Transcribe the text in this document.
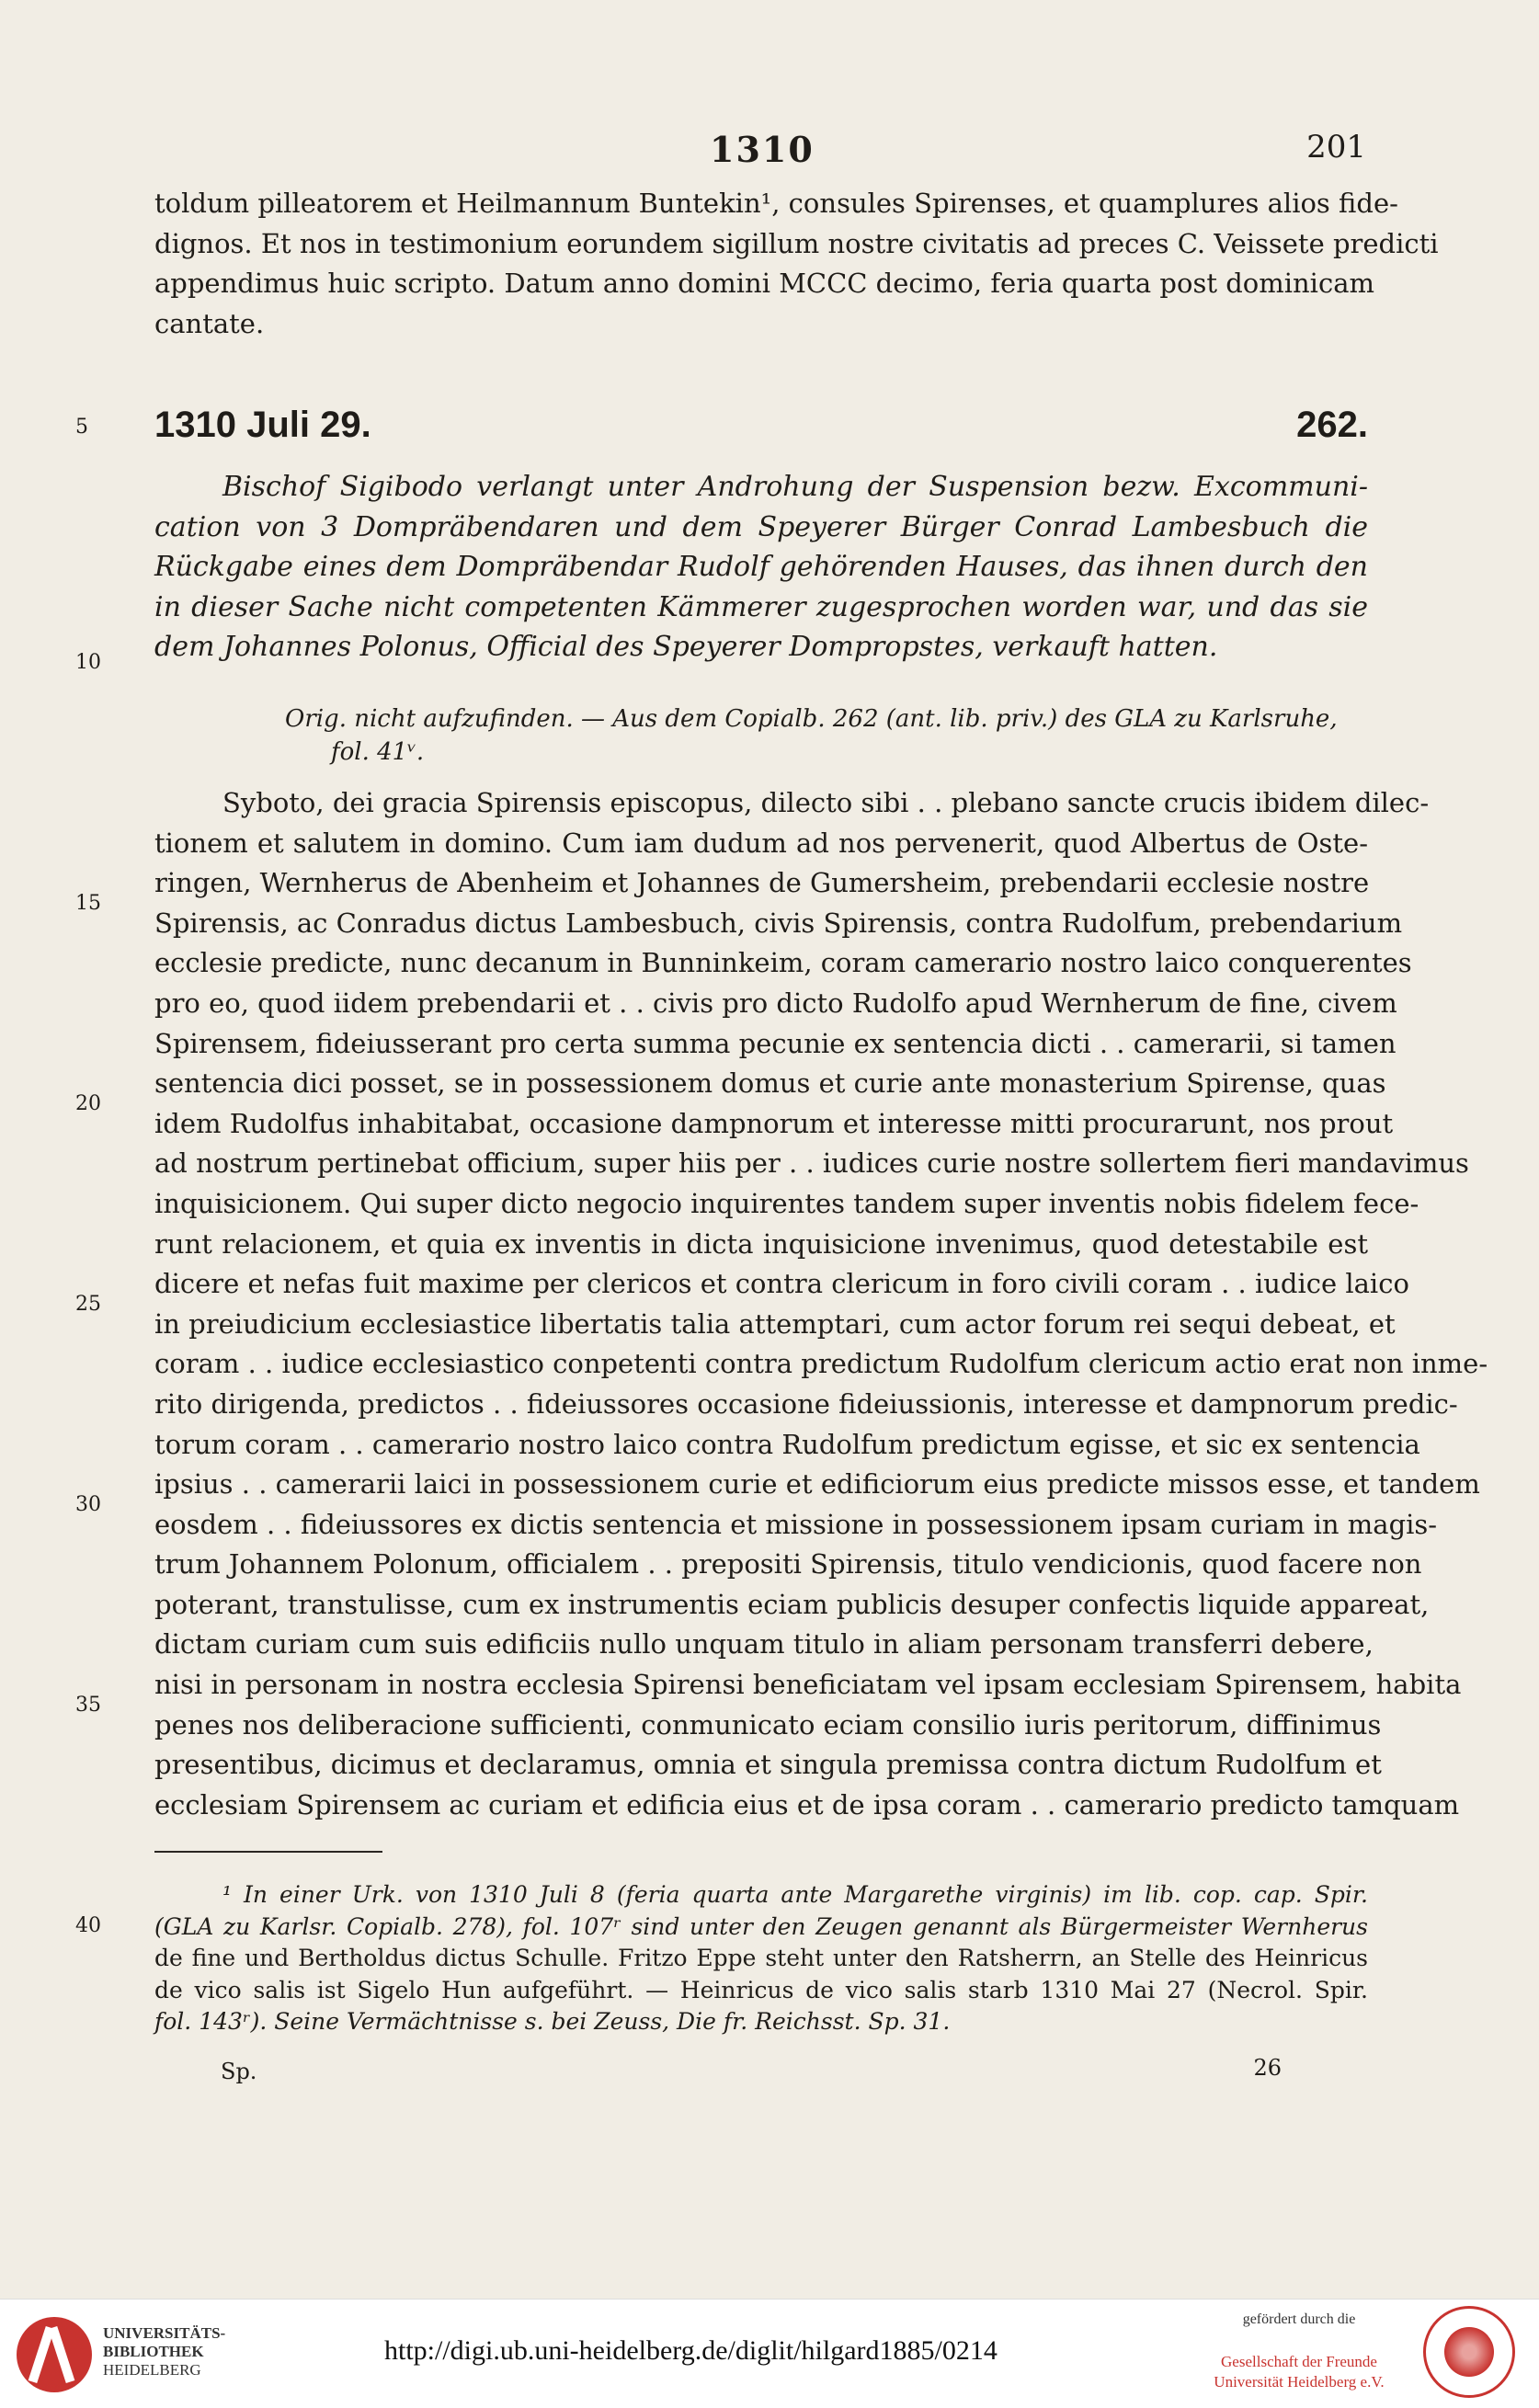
1310	201
toldum pilleatorem et Heilmannum Buntekin¹, consules Spirenses, et quamplures alios fide-
dignos. Et nos in testimonium eorundem sigillum nostre civitatis ad preces C. Veissete predicti
appendimus huic scripto. Datum anno domini MCCC decimo, feria quarta post dominicam
cantate.
5 1310 Juli 29.	262.
Bischof Sigibodo verlangt unter Androhung der Suspension bezw. Excommuni-
cation von 3 Dompräbendaren und dem Speyerer Bürger Conrad Lambesbuch die
Rückgabe eines dem Dompräbendar Rudolf gehörenden Hauses, das ihnen durch den
in dieser Sache nicht competenten Kämmerer zugesprochen worden war, und das sie
dem Johannes Polonus, Official des Speyerer Dompropstes, verkauft hatten.
10
Orig. nicht aufzufinden. — Aus dem Copialb. 262 (ant. lib. priv.) des GLA zu Karlsruhe,
fol. 41ᵛ.
Syboto, dei gracia Spirensis episcopus, dilecto sibi . . plebano sancte crucis ibidem dilec-
tionem et salutem in domino. Cum iam dudum ad nos pervenerit, quod Albertus de Oste-
ringen, Wernherus de Abenheim et Johannes de Gumersheim, prebendarii ecclesie nostre
Spirensis, ac Conradus dictus Lambesbuch, civis Spirensis, contra Rudolfum, prebendarium
ecclesie predicte, nunc decanum in Bunninkeim, coram camerario nostro laico conquerentes
pro eo, quod iidem prebendarii et . . civis pro dicto Rudolfo apud Wernherum de fine, civem
Spirensem, fideiusserant pro certa summa pecunie ex sentencia dicti . . camerarii, si tamen
sentencia dici posset, se in possessionem domus et curie ante monasterium Spirense, quas
idem Rudolfus inhabitabat, occasione dampnorum et interesse mitti procurarunt, nos prout
ad nostrum pertinebat officium, super hiis per . . iudices curie nostre sollertem fieri mandavimus
inquisicionem. Qui super dicto negocio inquirentes tandem super inventis nobis fidelem fece-
runt relacionem, et quia ex inventis in dicta inquisicione invenimus, quod detestabile est
dicere et nefas fuit maxime per clericos et contra clericum in foro civili coram . . iudice laico
in preiudicium ecclesiastice libertatis talia attemptari, cum actor forum rei sequi debeat, et
coram . . iudice ecclesiastico conpetenti contra predictum Rudolfum clericum actio erat non inme-
rito dirigenda, predictos . . fideiussores occasione fideiussionis, interesse et dampnorum predic-
torum coram . . camerario nostro laico contra Rudolfum predictum egisse, et sic ex sentencia
ipsius . . camerarii laici in possessionem curie et edificiorum eius predicte missos esse, et tandem
eosdem . . fideiussores ex dictis sentencia et missione in possessionem ipsam curiam in magis-
trum Johannem Polonum, officialem . . prepositi Spirensis, titulo vendicionis, quod facere non
poterant, transtulisse, cum ex instrumentis eciam publicis desuper confectis liquide appareat,
dictam curiam cum suis edificiis nullo unquam titulo in aliam personam transferri debere,
nisi in personam in nostra ecclesia Spirensi beneficiatam vel ipsam ecclesiam Spirensem, habita
penes nos deliberacione sufficienti, conmunicato eciam consilio iuris peritorum, diffinimus
presentibus, dicimus et declaramus, omnia et singula premissa contra dictum Rudolfum et
ecclesiam Spirensem ac curiam et edificia eius et de ipsa coram . . camerario predicto tamquam
15
20
25
30
35
¹ In einer Urk. von 1310 Juli 8 (feria quarta ante Margarethe virginis) im lib. cop. cap. Spir.
(GLA zu Karlsr. Copialb. 278), fol. 107ʳ sind unter den Zeugen genannt als Bürgermeister Wernherus
de fine und Bertholdus dictus Schulle. Fritzo Eppe steht unter den Ratsherrn, an Stelle des Heinricus
de vico salis ist Sigelo Hun aufgeführt. — Heinricus de vico salis starb 1310 Mai 27 (Necrol. Spir.
fol. 143ʳ). Seine Vermächtnisse s. bei Zeuss, Die fr. Reichsst. Sp. 31.
40
Sp.	26
UNIVERSITÄTS-
BIBLIOTHEK
HEIDELBERG
http://digi.ub.uni-heidelberg.de/diglit/hilgard1885/0214
gefördert durch die
Gesellschaft der Freunde
Universität Heidelberg e.V.
